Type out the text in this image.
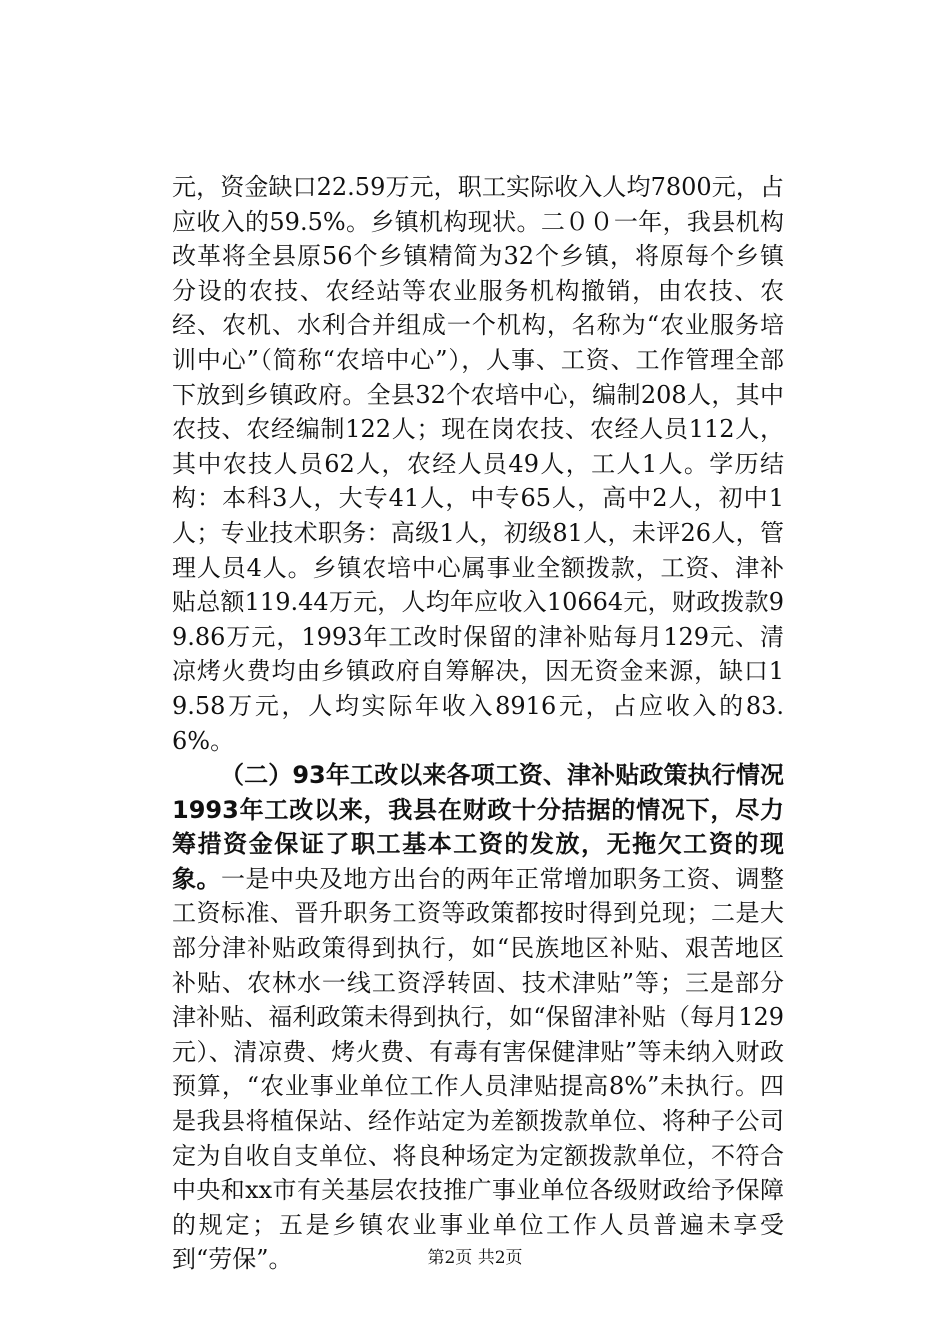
元，资金缺口22.59万元，职工实际收入人均7800元，占应收入的59.5%。乡镇机构现状。二００一年，我县机构改革将全县原56个乡镇精简为32个乡镇，将原每个乡镇分设的农技、农经站等农业服务机构撤销，由农技、农经、农机、水利合并组成一个机构，名称为“农业服务培训中心”（简称“农培中心”），人事、工资、工作管理全部下放到乡镇政府。全县32个农培中心，编制208人，其中农技、农经编制122人；现在岗农技、农经人员112人，其中农技人员62人，农经人员49人，工人1人。学历结构：本科3人，大专41人，中专65人，高中2人，初中1人；专业技术职务：高级1人，初级81人，未评26人，管理人员4人。乡镇农培中心属事业全额拨款，工资、津补贴总额119.44万元，人均年应收入10664元，财政拨款99.86万元，1993年工改时保留的津补贴每月129元、清凉烤火费均由乡镇政府自筹解决，因无资金来源，缺口19.58万元，人均实际年收入8916元，占应收入的83.6%。

（二）93年工改以来各项工资、津补贴政策执行情况1993年工改以来，我县在财政十分拮据的情况下，尽力筹措资金保证了职工基本工资的发放，无拖欠工资的现象。一是中央及地方出台的两年正常增加职务工资、调整工资标准、晋升职务工资等政策都按时得到兑现；二是大部分津补贴政策得到执行，如“民族地区补贴、艰苦地区补贴、农林水一线工资浮转固、技术津贴”等；三是部分津补贴、福利政策未得到执行，如“保留津补贴（每月129元）、清凉费、烤火费、有毒有害保健津贴”等未纳入财政预算，“农业事业单位工作人员津贴提高8%”未执行。四是我县将植保站、经作站定为差额拨款单位、将种子公司定为自收自支单位、将良种场定为定额拨款单位，不符合中央和xx市有关基层农技推广事业单位各级财政给予保障的规定；五是乡镇农业事业单位工作人员普遍未享受到“劳保”。	第2页 共2页
